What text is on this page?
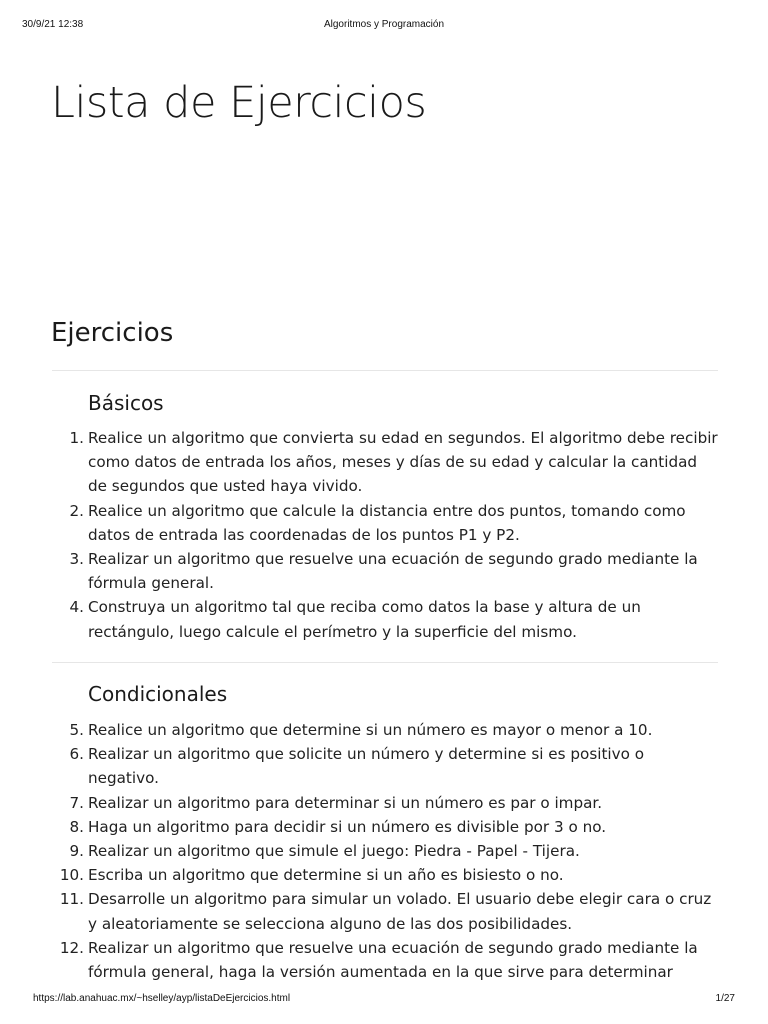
30/9/21 12:38	Algoritmos y Programación
Lista de Ejercicios
Ejercicios
Básicos
1. Realice un algoritmo que convierta su edad en segundos. El algoritmo debe recibir como datos de entrada los años, meses y días de su edad y calcular la cantidad de segundos que usted haya vivido.
2. Realice un algoritmo que calcule la distancia entre dos puntos, tomando como datos de entrada las coordenadas de los puntos P1 y P2.
3. Realizar un algoritmo que resuelve una ecuación de segundo grado mediante la fórmula general.
4. Construya un algoritmo tal que reciba como datos la base y altura de un rectángulo, luego calcule el perímetro y la superficie del mismo.
Condicionales
5. Realice un algoritmo que determine si un número es mayor o menor a 10.
6. Realizar un algoritmo que solicite un número y determine si es positivo o negativo.
7. Realizar un algoritmo para determinar si un número es par o impar.
8. Haga un algoritmo para decidir si un número es divisible por 3 o no.
9. Realizar un algoritmo que simule el juego: Piedra - Papel - Tijera.
10. Escriba un algoritmo que determine si un año es bisiesto o no.
11. Desarrolle un algoritmo para simular un volado. El usuario debe elegir cara o cruz y aleatoriamente se selecciona alguno de las dos posibilidades.
12. Realizar un algoritmo que resuelve una ecuación de segundo grado mediante la fórmula general, haga la versión aumentada en la que sirve para determinar
https://lab.anahuac.mx/~hselley/ayp/listaDeEjercicios.html	1/27
